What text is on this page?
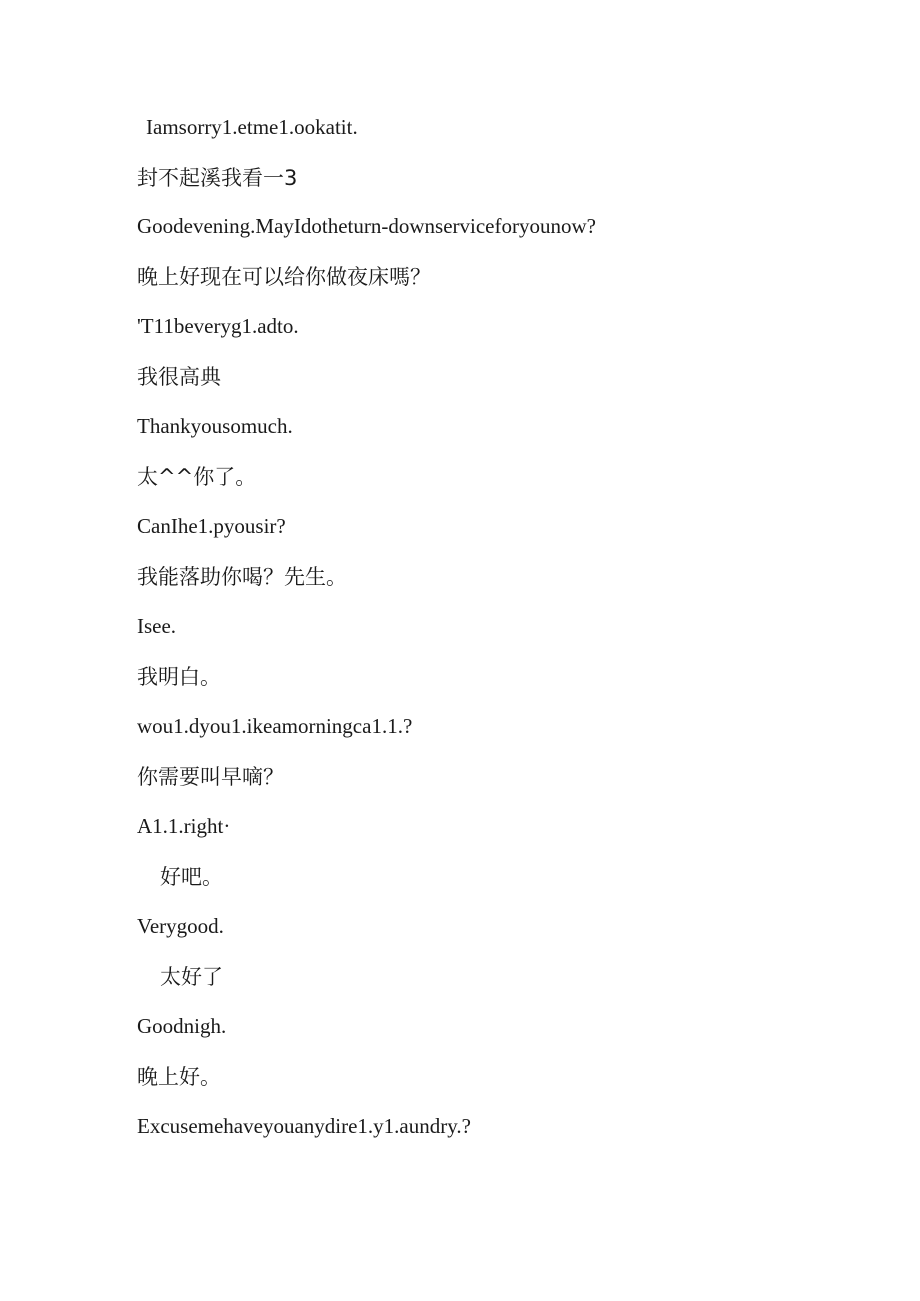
Iamsorry1.etme1.ookatit.

封不起溪我看一3

Goodevening.MayIdotheturn-downserviceforyounow?

晚上好现在可以给你做夜床嗎？

'T11beveryg1.adto.

我很高典

Thankyousomuch.

太^^你了。

CanIhe1.pyousir?

我能落助你喝？先生。

Isee.

我明白。

wou1.dyou1.ikeamorningca1.1.?

你需要叫早嘀？

A1.1.right·

好吧。

Verygood.

太好了

Goodnigh.

晚上好。

Excusemehaveyouanydire1.y1.aundry.?
